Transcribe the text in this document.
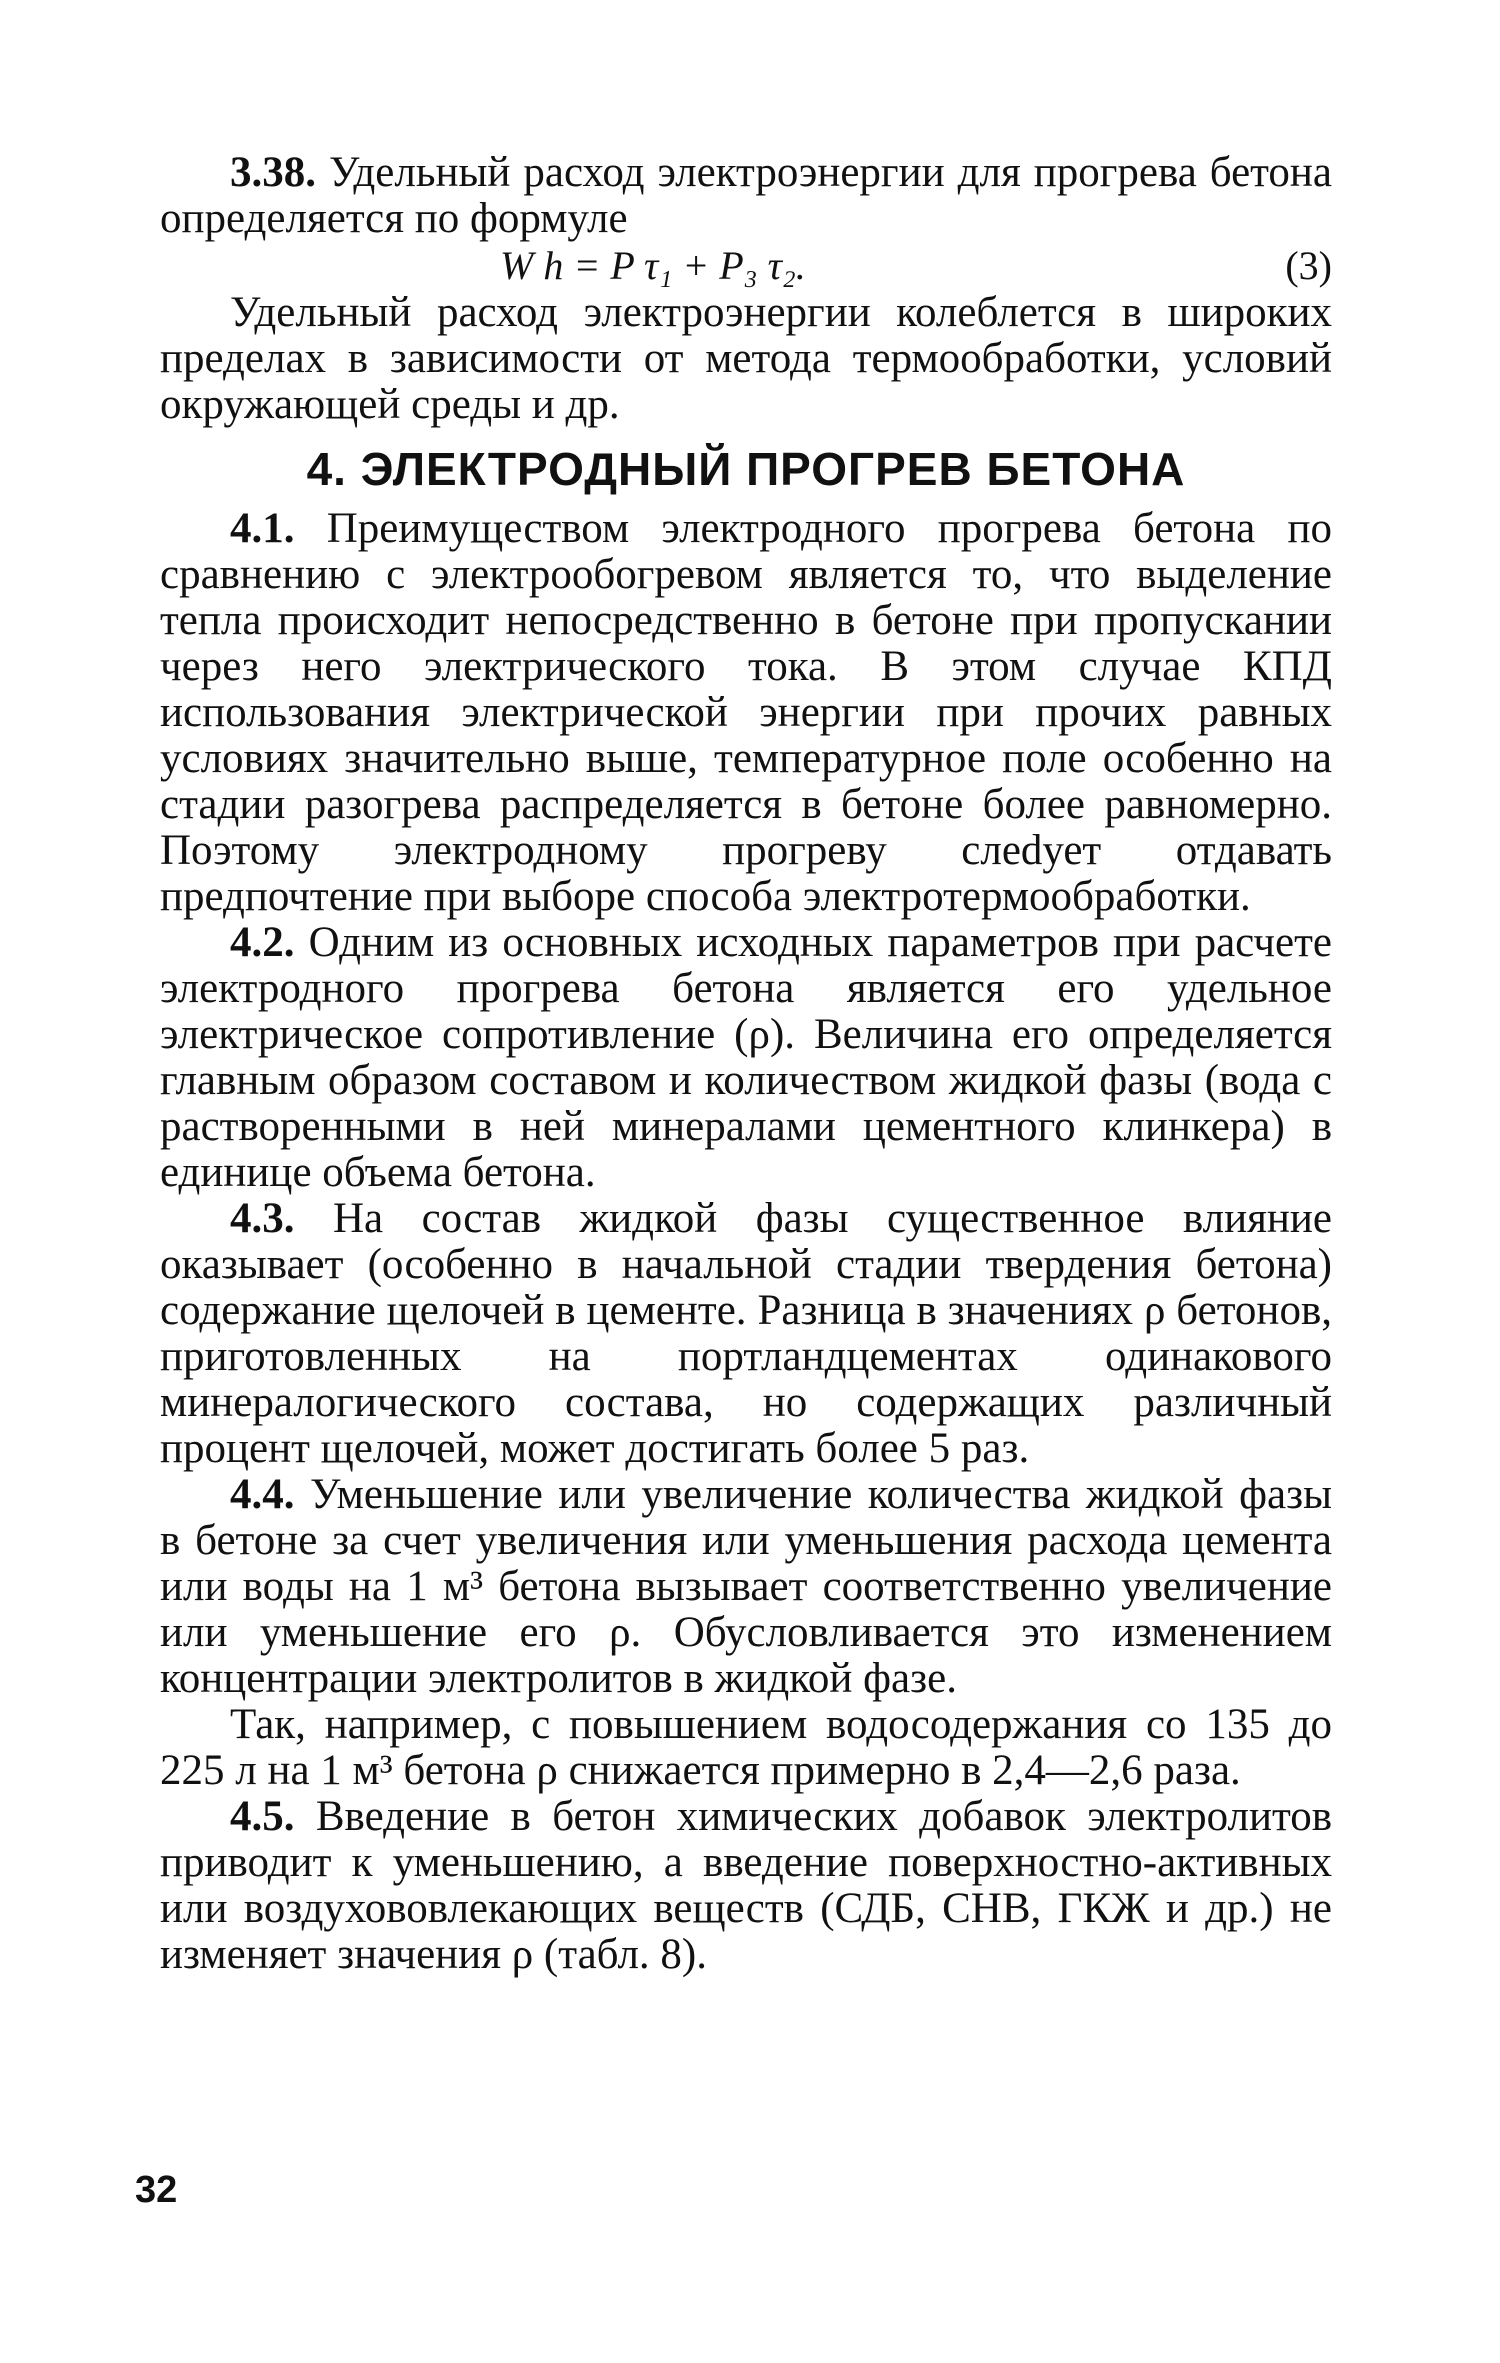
3.38. Удельный расход электроэнергии для прогрева бетона определяется по формуле

W h = P τ₁ + P₃ τ₂.	(3)

Удельный расход электроэнергии колеблется в широких пределах в зависимости от метода термообработки, условий окружающей среды и др.

4. ЭЛЕКТРОДНЫЙ ПРОГРЕВ БЕТОНА

4.1. Преимуществом электродного прогрева бетона по сравнению с электрообогревом является то, что выделение тепла происходит непосредственно в бетоне при пропускании через него электрического тока. В этом случае КПД использования электрической энергии при прочих равных условиях значительно выше, температурное поле особенно на стадии разогрева распределяется в бетоне более равномерно. Поэтому электродному прогреву слеdует отдавать предпочтение при выборе способа электротермообработки.

4.2. Одним из основных исходных параметров при расчете электродного прогрева бетона является его удельное электрическое сопротивление (ρ). Величина его определяется главным образом составом и количеством жидкой фазы (вода с растворенными в ней минералами цементного клинкера) в единице объема бетона.

4.3. На состав жидкой фазы существенное влияние оказывает (особенно в начальной стадии твердения бетона) содержание щелочей в цементе. Разница в значениях ρ бетонов, приготовленных на портландцементах одинакового минералогического состава, но содержащих различный процент щелочей, может достигать более 5 раз.

4.4. Уменьшение или увеличение количества жидкой фазы в бетоне за счет увеличения или уменьшения расхода цемента или воды на 1 м³ бетона вызывает соответственно увеличение или уменьшение его ρ. Обусловливается это изменением концентрации электролитов в жидкой фазе.

Так, например, с повышением водосодержания со 135 до 225 л на 1 м³ бетона ρ снижается примерно в 2,4—2,6 раза.

4.5. Введение в бетон химических добавок электролитов приводит к уменьшению, а введение поверхностно-активных или воздухововлекающих веществ (СДБ, СНВ, ГКЖ и др.) не изменяет значения ρ (табл. 8).

32
